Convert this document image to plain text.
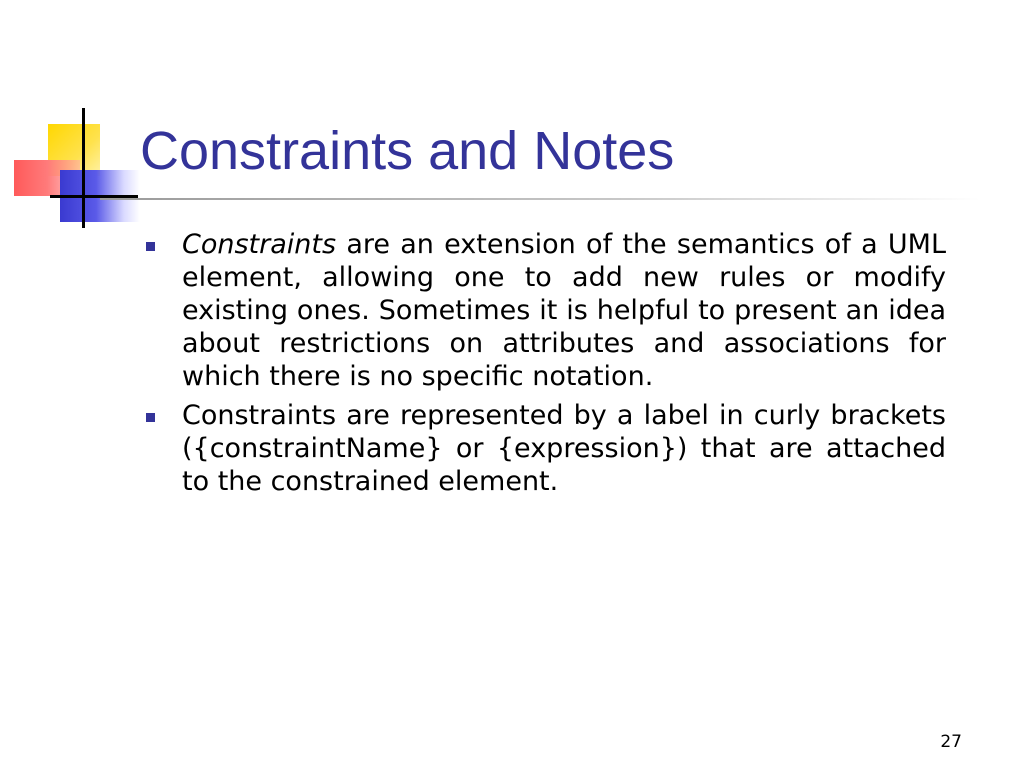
Constraints and Notes
Constraints are an extension of the semantics of a UML element, allowing one to add new rules or modify existing ones. Sometimes it is helpful to present an idea about restrictions on attributes and associations for which there is no specific notation.
Constraints are represented by a label in curly brackets ({constraintName} or {expression}) that are attached to the constrained element.
27
